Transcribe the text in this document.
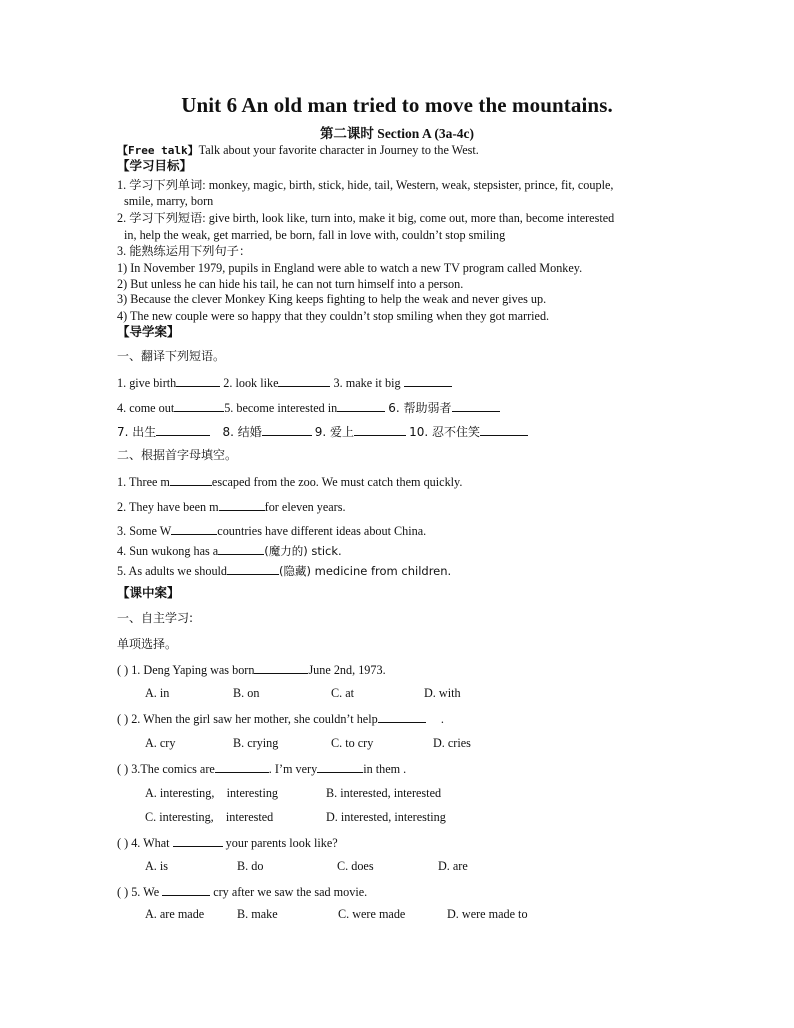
Unit 6 An old man tried to move the mountains.
第二课时 Section A (3a-4c)
【Free talk】Talk about your favorite character in Journey to the West.
【学习目标】
1. 学习下列单词: monkey, magic, birth, stick, hide, tail, Western, weak, stepsister, prince, fit, couple,
smile, marry, born
2. 学习下列短语: give birth, look like, turn into, make it big, come out, more than, become interested
in, help the weak, get married, be born, fall in love with, couldn’t stop smiling
3. 能熟练运用下列句子：
1) In November 1979, pupils in England were able to watch a new TV program called Monkey.
2) But unless he can hide his tail, he can not turn himself into a person.
3) Because the clever Monkey King keeps fighting to help the weak and never gives up.
4) The new couple were so happy that they couldn’t stop smiling when they got married.
【导学案】
一、翻译下列短语。
1. give birth	2. look like	3. make it big
4. come out	5. become interested in	6. 帮助弱者
7. 出生	8. 结婚	9. 爱上	10. 忍不住笑
二、根据首字母填空。
1. Three m	escaped from the zoo. We must catch them quickly.
2. They have been m	for eleven years.
3. Some W	countries have different ideas about China.
4. Sun wukong has a	(魔力的) stick.
5. As adults we should	(隐藏) medicine from children.
【课中案】
一、自主学习:
单项选择。
( ) 1. Deng Yaping was born	June 2nd, 1973.
A. in	B. on	C. at	D. with
( ) 2. When the girl saw her mother, she couldn’t help	.
A. cry	B. crying	C. to cry	D. cries
( ) 3.The comics are	. I’m very	in them .
A. interesting,    interesting	B. interested, interested
C. interesting,    interested	D. interested, interesting
( ) 4. What	your parents look like?
A. is	B. do	C. does	D. are
( ) 5. We	cry after we saw the sad movie.
A. are made	B. make	C. were made	D. were made to
